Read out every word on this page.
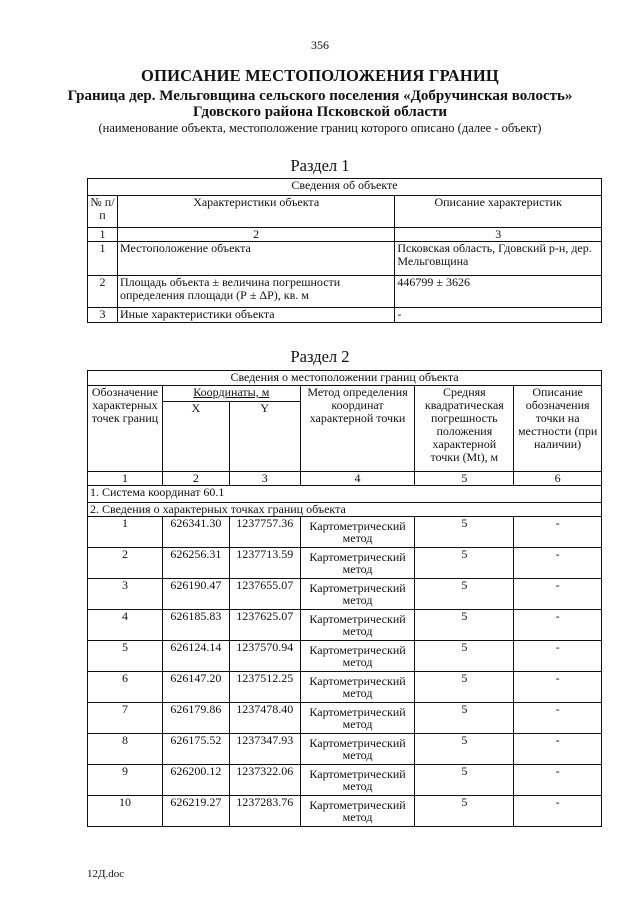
356
ОПИСАНИЕ МЕСТОПОЛОЖЕНИЯ ГРАНИЦ
Граница дер. Мельговщина сельского поселения «Добручинская волость»
Гдовского района Псковской области
(наименование объекта, местоположение границ которого описано (далее - объект)
Раздел 1
Сведения об объекте		
№ п/п	Характеристики объекта	Описание характеристик
1	2	3
1	Местоположение объекта	Псковская область, Гдовский р-н, дер. Мельговщина
2	Площадь объекта ± величина погрешности определения площади (Р ± ΔР), кв. м	446799 ± 3626
3	Иные характеристики объекта	-
Раздел 2
Сведения о местоположении границ объекта					
Обозначение характерных точек границ	Координаты, м		Метод определения координат характерной точки	Средняя квадратическая погрешность положения характерной точки (Мt), м	Описание обозначения точки на местности (при наличии)
	X	Y			
1	2	3	4	5	6
1. Система координат 60.1					
2. Сведения о характерных точках границ объекта					
1	626341.30	1237757.36	Картометрический метод	5	-
2	626256.31	1237713.59	Картометрический метод	5	-
3	626190.47	1237655.07	Картометрический метод	5	-
4	626185.83	1237625.07	Картометрический метод	5	-
5	626124.14	1237570.94	Картометрический метод	5	-
6	626147.20	1237512.25	Картометрический метод	5	-
7	626179.86	1237478.40	Картометрический метод	5	-
8	626175.52	1237347.93	Картометрический метод	5	-
9	626200.12	1237322.06	Картометрический метод	5	-
10	626219.27	1237283.76	Картометрический метод	5	-
12Д.doc
